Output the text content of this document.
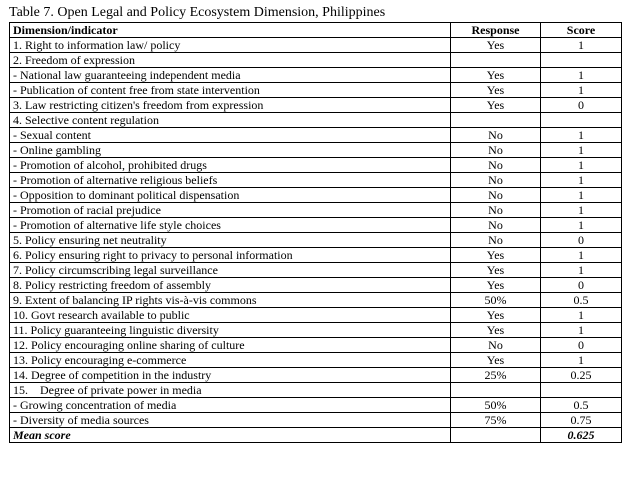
Table 7. Open Legal and Policy Ecosystem Dimension, Philippines
Dimension/indicator	Response	Score
1. Right to information law/ policy	Yes	1
2. Freedom of expression		
- National law guaranteeing independent media	Yes	1
- Publication of content free from state intervention	Yes	1
3. Law restricting citizen's freedom from expression	Yes	0
4. Selective content regulation		
- Sexual content	No	1
- Online gambling	No	1
- Promotion of alcohol, prohibited drugs	No	1
- Promotion of alternative religious beliefs	No	1
- Opposition to dominant political dispensation	No	1
- Promotion of racial prejudice	No	1
- Promotion of alternative life style choices	No	1
5. Policy ensuring net neutrality	No	0
6. Policy ensuring right to privacy to personal information	Yes	1
7. Policy circumscribing legal surveillance	Yes	1
8. Policy restricting freedom of assembly	Yes	0
9. Extent of balancing IP rights vis-à-vis commons	50%	0.5
10. Govt research available to public	Yes	1
11. Policy guaranteeing linguistic diversity	Yes	1
12. Policy encouraging online sharing of culture	No	0
13. Policy encouraging e-commerce	Yes	1
14. Degree of competition in the industry	25%	0.25
15.    Degree of private power in media		
- Growing concentration of media	50%	0.5
- Diversity of media sources	75%	0.75
Mean score		0.625
